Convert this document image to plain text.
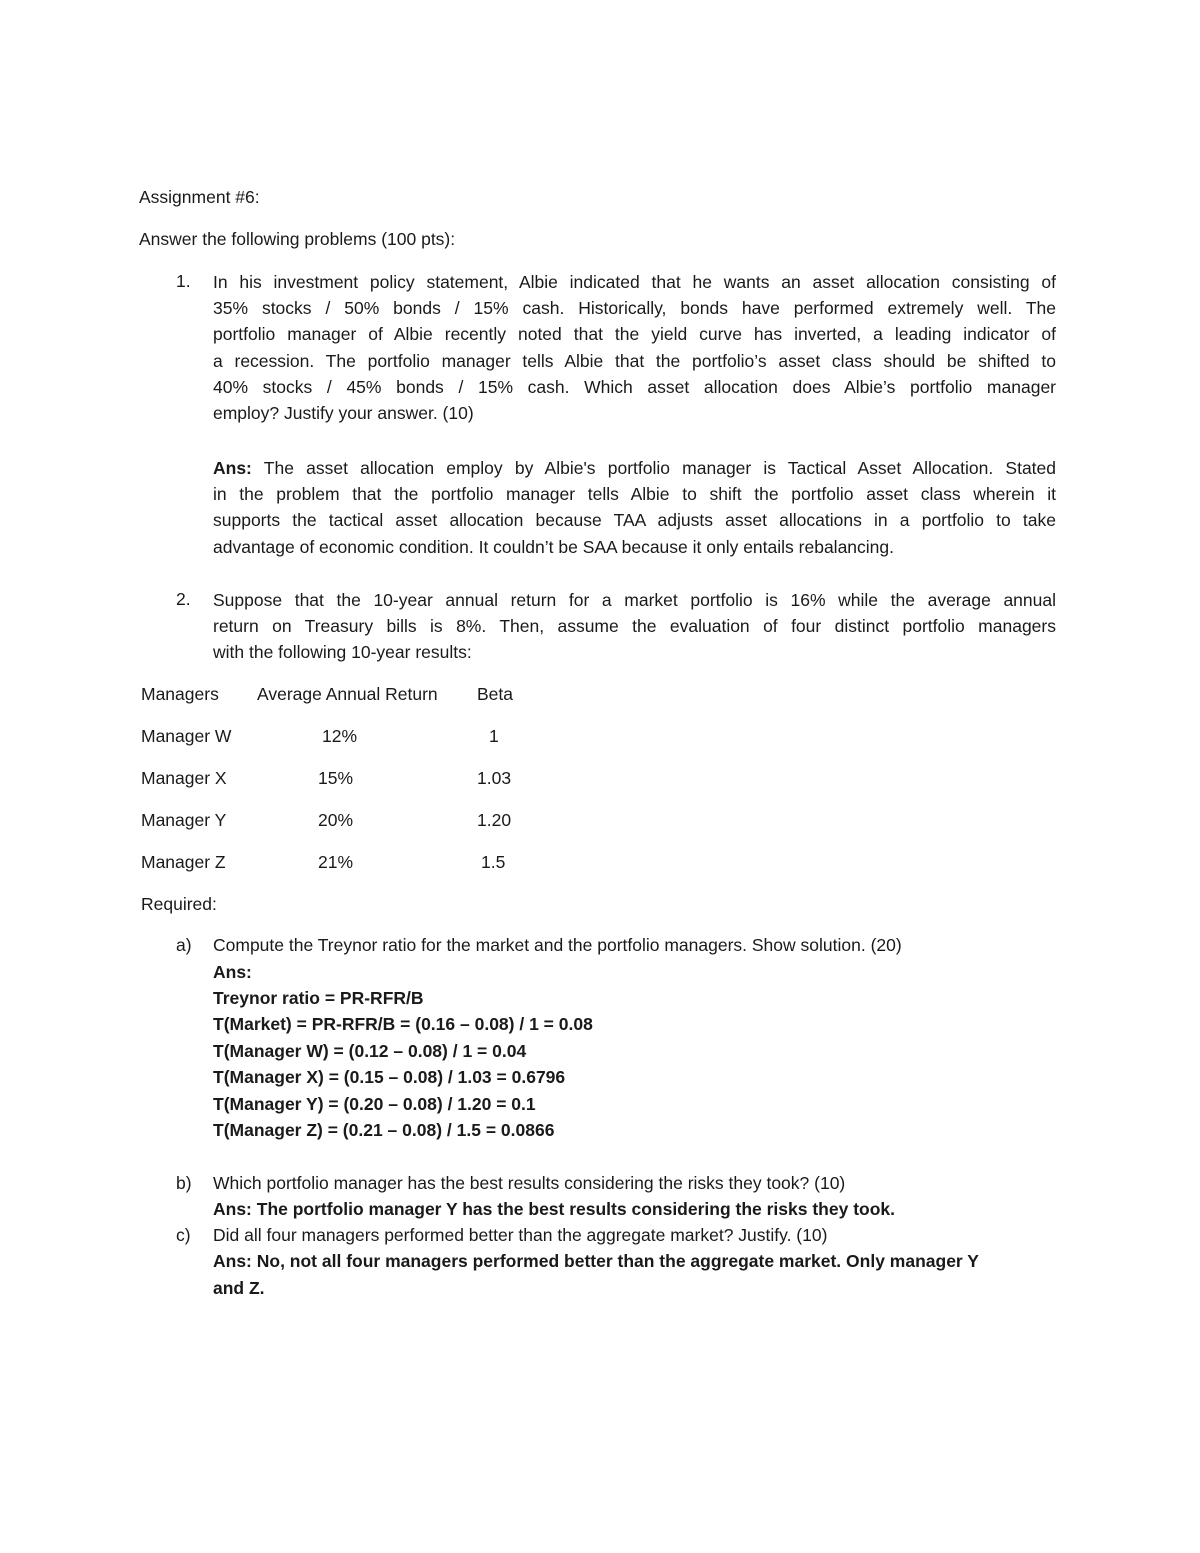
Assignment #6:
Answer the following problems (100 pts):
1. In his investment policy statement, Albie indicated that he wants an asset allocation consisting of
35% stocks / 50% bonds / 15% cash. Historically, bonds have performed extremely well. The
portfolio manager of Albie recently noted that the yield curve has inverted, a leading indicator of
a recession. The portfolio manager tells Albie that the portfolio’s asset class should be shifted to
40% stocks / 45% bonds / 15% cash. Which asset allocation does Albie’s portfolio manager
employ? Justify your answer. (10)
Ans: The asset allocation employ by Albie's portfolio manager is Tactical Asset Allocation. Stated
in the problem that the portfolio manager tells Albie to shift the portfolio asset class wherein it
supports the tactical asset allocation because TAA adjusts asset allocations in a portfolio to take
advantage of economic condition. It couldn’t be SAA because it only entails rebalancing.
2. Suppose that the 10-year annual return for a market portfolio is 16% while the average annual
return on Treasury bills is 8%. Then, assume the evaluation of four distinct portfolio managers
with the following 10-year results:
Managers Average Annual Return Beta
Manager W	12%	1
Manager X	15%	1.03
Manager Y	20%	1.20
Manager Z	21%	1.5
Required:
a) Compute the Treynor ratio for the market and the portfolio managers. Show solution. (20)
Ans:
Treynor ratio = PR-RFR/B
T(Market) = PR-RFR/B = (0.16 – 0.08) / 1 = 0.08
T(Manager W) = (0.12 – 0.08) / 1 = 0.04
T(Manager X) = (0.15 – 0.08) / 1.03 = 0.6796
T(Manager Y) = (0.20 – 0.08) / 1.20 = 0.1
T(Manager Z) = (0.21 – 0.08) / 1.5 = 0.0866
b) Which portfolio manager has the best results considering the risks they took? (10)
Ans: The portfolio manager Y has the best results considering the risks they took.
c) Did all four managers performed better than the aggregate market? Justify. (10)
Ans: No, not all four managers performed better than the aggregate market. Only manager Y
and Z.
